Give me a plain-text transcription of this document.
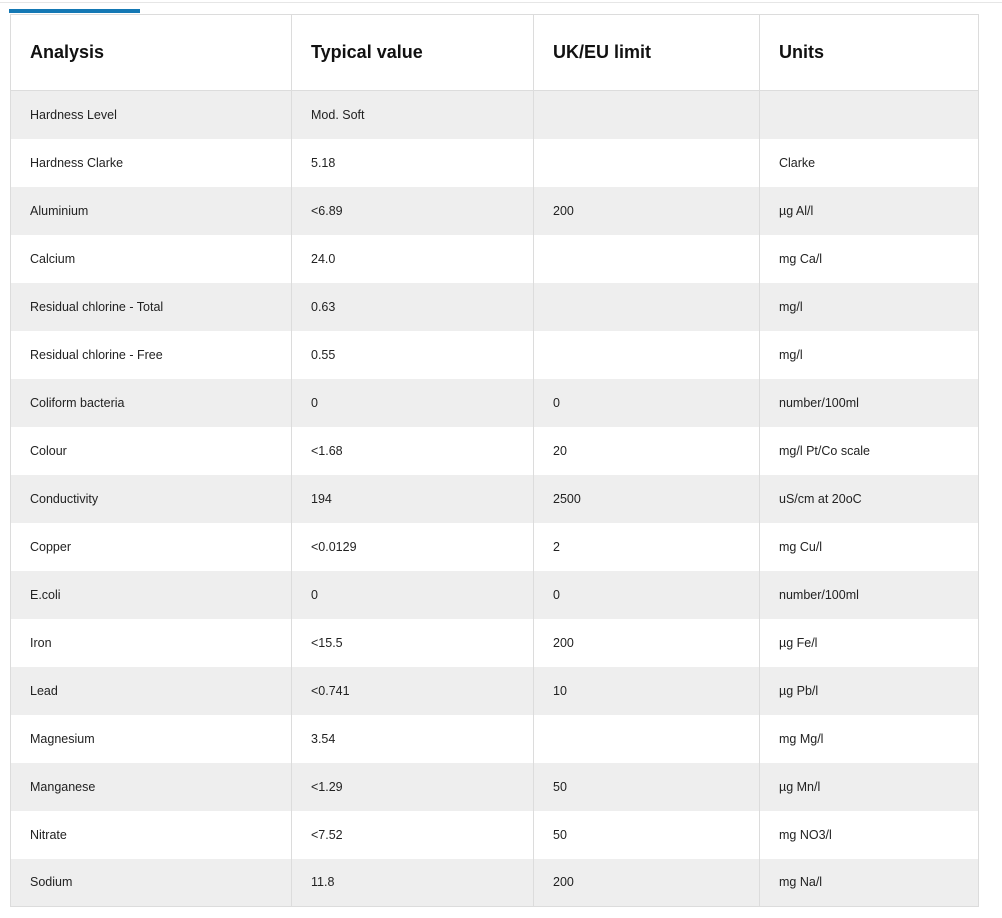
Analysis	Typical value	UK/EU limit	Units
Hardness Level	Mod. Soft		
Hardness Clarke	5.18		Clarke
Aluminium	<6.89	200	µg Al/l
Calcium	24.0		mg Ca/l
Residual chlorine - Total	0.63		mg/l
Residual chlorine - Free	0.55		mg/l
Coliform bacteria	0	0	number/100ml
Colour	<1.68	20	mg/l Pt/Co scale
Conductivity	194	2500	uS/cm at 20oC
Copper	<0.0129	2	mg Cu/l
E.coli	0	0	number/100ml
Iron	<15.5	200	µg Fe/l
Lead	<0.741	10	µg Pb/l
Magnesium	3.54		mg Mg/l
Manganese	<1.29	50	µg Mn/l
Nitrate	<7.52	50	mg NO3/l
Sodium	11.8	200	mg Na/l
